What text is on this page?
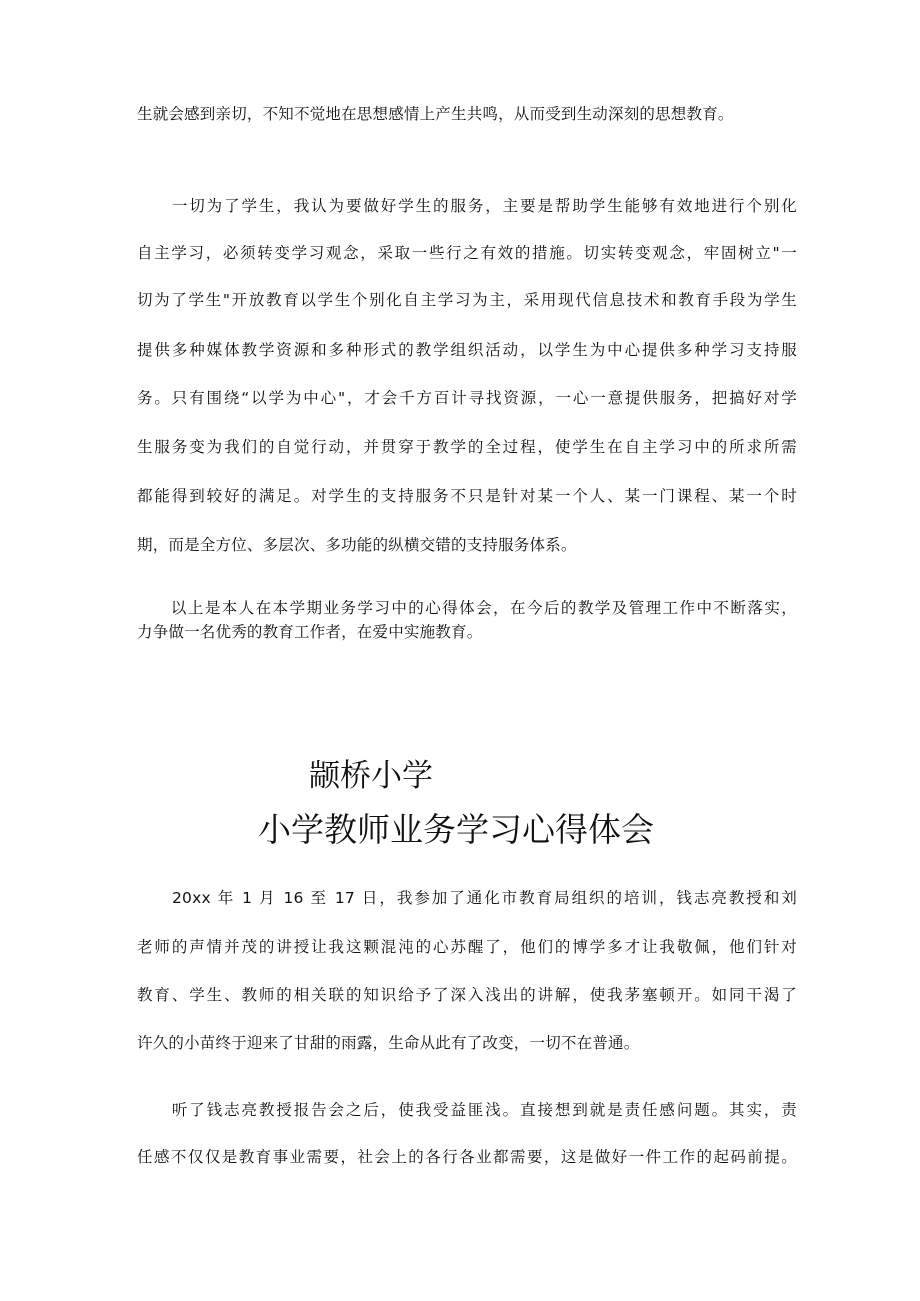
生就会感到亲切，不知不觉地在思想感情上产生共鸣，从而受到生动深刻的思想教育。
　　一切为了学生，我认为要做好学生的服务，主要是帮助学生能够有效地进行个别化
自主学习，必须转变学习观念，采取一些行之有效的措施。切实转变观念，牢固树立"一
切为了学生"开放教育以学生个别化自主学习为主，采用现代信息技术和教育手段为学生
提供多种媒体教学资源和多种形式的教学组织活动，以学生为中心提供多种学习支持服
务。只有围绕“以学为中心"，才会千方百计寻找资源，一心一意提供服务，把搞好对学
生服务变为我们的自觉行动，并贯穿于教学的全过程，使学生在自主学习中的所求所需
都能得到较好的满足。对学生的支持服务不只是针对某一个人、某一门课程、某一个时
期，而是全方位、多层次、多功能的纵横交错的支持服务体系。
　　以上是本人在本学期业务学习中的心得体会，在今后的教学及管理工作中不断落实，
力争做一名优秀的教育工作者，在爱中实施教育。
颛桥小学
小学教师业务学习心得体会
　　20xx 年 1 月 16 至 17 日，我参加了通化市教育局组织的培训，钱志亮教授和刘
老师的声情并茂的讲授让我这颗混沌的心苏醒了，他们的博学多才让我敬佩，他们针对
教育、学生、教师的相关联的知识给予了深入浅出的讲解，使我茅塞顿开。如同干渴了
许久的小苗终于迎来了甘甜的雨露，生命从此有了改变，一切不在普通。
　　听了钱志亮教授报告会之后，使我受益匪浅。直接想到就是责任感问题。其实，责
任感不仅仅是教育事业需要，社会上的各行各业都需要，这是做好一件工作的起码前提。
